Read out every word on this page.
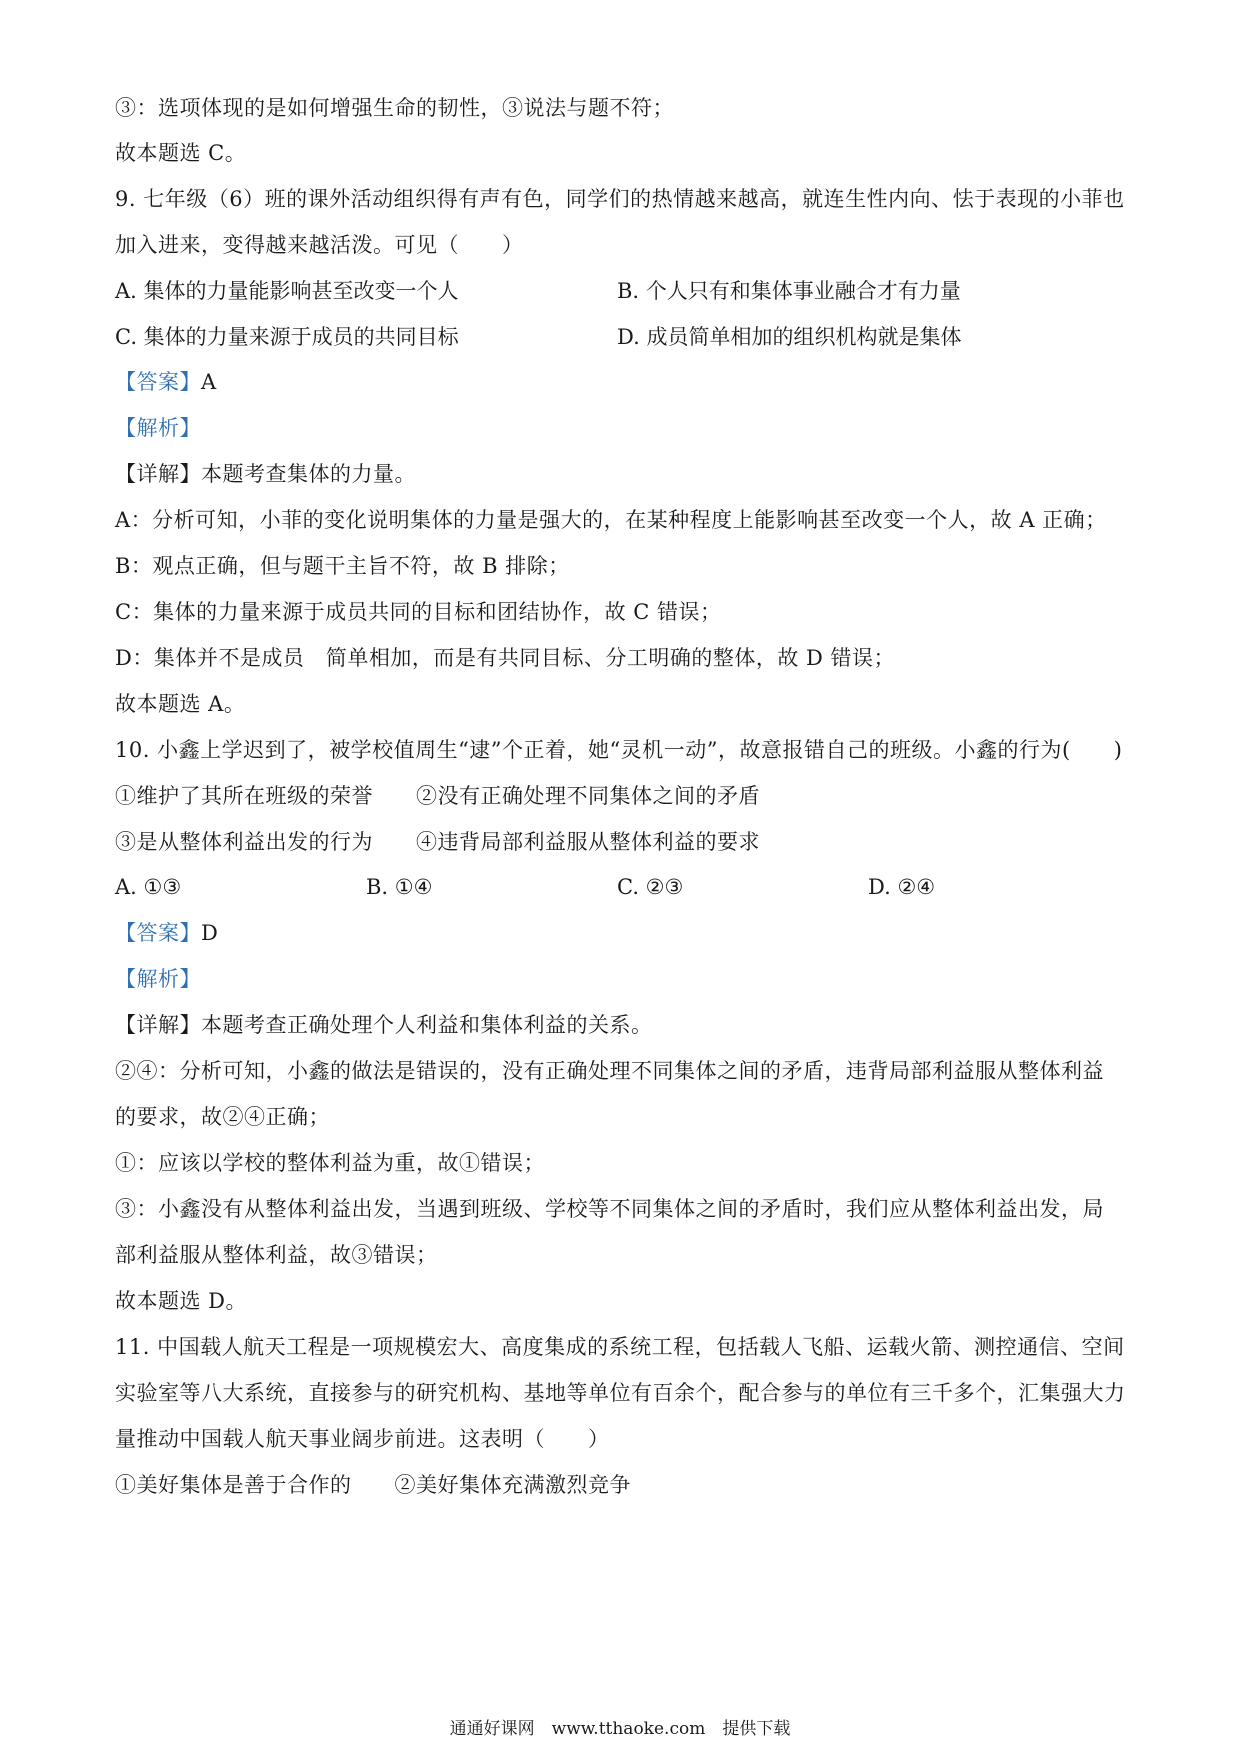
③：选项体现的是如何增强生命的韧性，③说法与题不符；
故本题选 C。
9. 七年级（6）班的课外活动组织得有声有色，同学们的热情越来越高，就连生性内向、怯于表现的小菲也
加入进来，变得越来越活泼。可见（　　）
A. 集体的力量能影响甚至改变一个人	B. 个人只有和集体事业融合才有力量
C. 集体的力量来源于成员的共同目标	D. 成员简单相加的组织机构就是集体
【答案】A
【解析】
【详解】本题考查集体的力量。
A：分析可知，小菲的变化说明集体的力量是强大的，在某种程度上能影响甚至改变一个人，故 A 正确；
B：观点正确，但与题干主旨不符，故 B 排除；
C：集体的力量来源于成员共同的目标和团结协作，故 C 错误；
D：集体并不是成员　简单相加，而是有共同目标、分工明确的整体，故 D 错误；
故本题选 A。
10. 小鑫上学迟到了，被学校值周生“逮”个正着，她“灵机一动”，故意报错自己的班级。小鑫的行为(　　)
①维护了其所在班级的荣誉　　②没有正确处理不同集体之间的矛盾
③是从整体利益出发的行为　　④违背局部利益服从整体利益的要求
A. ①③	B. ①④	C. ②③	D. ②④
【答案】D
【解析】
【详解】本题考查正确处理个人利益和集体利益的关系。
②④：分析可知，小鑫的做法是错误的，没有正确处理不同集体之间的矛盾，违背局部利益服从整体利益
的要求，故②④正确；
①：应该以学校的整体利益为重，故①错误；
③：小鑫没有从整体利益出发，当遇到班级、学校等不同集体之间的矛盾时，我们应从整体利益出发，局
部利益服从整体利益，故③错误；
故本题选 D。
11. 中国载人航天工程是一项规模宏大、高度集成的系统工程，包括载人飞船、运载火箭、测控通信、空间
实验室等八大系统，直接参与的研究机构、基地等单位有百余个，配合参与的单位有三千多个，汇集强大力
量推动中国载人航天事业阔步前进。这表明（　　）
①美好集体是善于合作的　　②美好集体充满激烈竞争
通通好课网　www.tthaoke.com　提供下载
